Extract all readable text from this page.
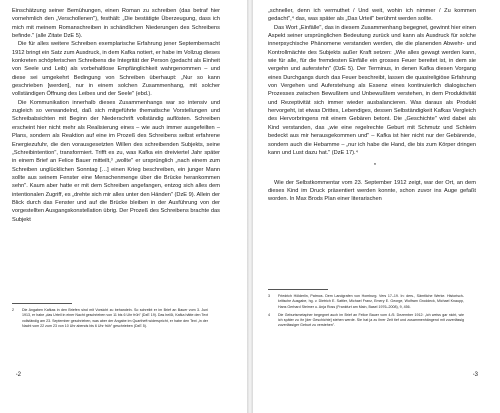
Einschätzung seiner Bemühungen, einen Roman zu schreiben (das betraf hier vornehmlich den „Verschollenen"), festhält: „Die bestätigte Überzeugung, dass ich mich mit meinem Romanschreiben in schändlichen Niederungen des Schreibens befinde." (alle Zitate DzE 5).

Die für alles weitere Schreiben exemplarische Erfahrung jener Septembernacht 1912 bringt ein Satz zum Ausdruck, in dem Kafka notiert, er habe im Vollzug dieses konkreten schöpferischen Schreibens die Integrität der Person (gedacht als Einheit von Seele und Leib) als vorbehaltlose Empfänglichkeit wahrgenommen – und diese sei umgekehrt Bedingung von Schreiben überhaupt: „Nur so kann geschrieben [werden], nur in einem solchen Zusammenhang, mit solcher vollständigen Öffnung des Leibes und der Seele" (ebd.).

Die Kommunikation innerhalb dieses Zusammenhangs war so intensiv und zugleich so verwandelnd, daß sich mitgeführte thematische Vorstellungen und Schreibabsichten mit Beginn der Niederschrift vollständig auflösten. Schreiben erscheint hier nicht mehr als Realisierung eines – wie auch immer ausgefeilten – Plans, sondern als Reaktion auf eine im Prozeß des Schreibens selbst erfahrene Energiezufuhr, die den vorausgesetzten Willen des schreibenden Subjekts, seine „Schreibintention", transformiert. Trifft es zu, was Kafka ein dreiviertel Jahr später in einem Brief an Felice Bauer mitteilt,³ „wollte" er ursprünglich „nach einem zum Schreiben unglücklichen Sonntag […] einen Krieg beschreiben, ein junger Mann sollte aus seinem Fenster eine Menschenmenge über die Brücke herankommen sehn". Kaum aber hatte er mit dem Schreiben angefangen, entzog sich alles dem intentionalen Zugriff, es „drehte sich mir alles unter den Händen" (DzE 9). Allein der Blick durch das Fenster und auf die Brücke bleiben in der Ausführung von der vorgestellten Ausgangskonstellation übrig. Der Prozeß des Schreibens brachte das Subjekt

2 Die Angaben Kafkas in den Briefen sind mit Vorsicht zu behandeln. So schreibt er im Brief an Bauer vom 3. Juni 1913, er habe „das Urteil in einer Nacht geschrieben von 11 bis 6 Uhr früh" (DzE 19). Das heißt, Kafka hätte den Text vollständig am 23. September geschrieben, was aber der Angabe im Quartheft widerspricht, er habe den Text „in der Nacht vom 22 zum 23 von 10 Uhr abends bis 6 Uhr früh" geschrieben (DzE 5).
*2

„schneller, denn ich vermuthet / Und weit, wohin ich nimmer / Zu kommen gedacht",⁴ das, was später als „Das Urteil" berühmt werden sollte.

Das Wort „Einfälle", das in diesem Zusammenhang begegnet, gewinnt hier einen Aspekt seiner ursprünglichen Bedeutung zurück und kann als Ausdruck für solche innerpsychische Phänomene verstanden werden, die die planenden Abwehr- und Kontrollmächte des Subjekts außer Kraft setzen: „Wie alles gewagt werden kann, wie für alle, für die fremdesten Einfälle ein grosses Feuer bereitet ist, in dem sie vergehn und auferstehn" (DzE 5). Der Terminus, in denen Kafka diesen Vorgang eines Durchgangs durch das Feuer beschreibt, lassen die quasireligiöse Erfahrung von Vergehen und Auferstehung als Essenz eines kontinuierlich dialogischen Prozesses zwischen Bewußtem und Unbewußtem verstehen, in dem Produktivität und Rezeptivität sich immer wieder ausbalancieren. Was daraus als Produkt hervorgeht, ist etwas Drittes, Lebendiges, dessen Selbständigkeit Kafkas Vergleich des Hervorbringens mit einem Gebären betont. Die „Geschichte" wird dabei als Kind verstanden, das „wie eine regelrechte Geburt mit Schmutz und Schleim bedeckt aus mir herausgekommen und" – Kafka ist hier nicht nur der Gebärende, sondern auch die Hebamme – „nur ich habe die Hand, die bis zum Körper dringen kann und Lust dazu hat." (DzE 17).⁴

*

Wie der Selbstkommentar vom 23. September 1912 zeigt, war der Ort, an dem dieses Kind im Druck präsentiert werden konnte, schon zuvor ins Auge gefaßt worden. In Max Brods Plan einer literarischen

3 Friedrich Hölderlin, Patmos. Dem Landgrafen von Homburg. Vers 17–19. In: ders., Sämtliche Werke. Historisch-kritische Ausgabe, hg. v. Dietrich E. Sattler, Michael Franz, Emery E. George, Wolfram Groddeck, Michael Knaupp, Hans Gerhard Steimer u. Anja Ross (Frankfurt am Main, Basel 1976–2008), 9, 456.
4 Die Geburtsmetapher begegnet auch im Brief an Felice Bauer vom 4./5. Dezember 1912: „ich weiss gar nicht, wie ich später zu ihr [der Geschichte] stehen werde. Sie hat ja zu ihrer Zeit tief und zusammenhängend mit zuverlässig zuverlässiger Geburt zu verstehen".
*3
